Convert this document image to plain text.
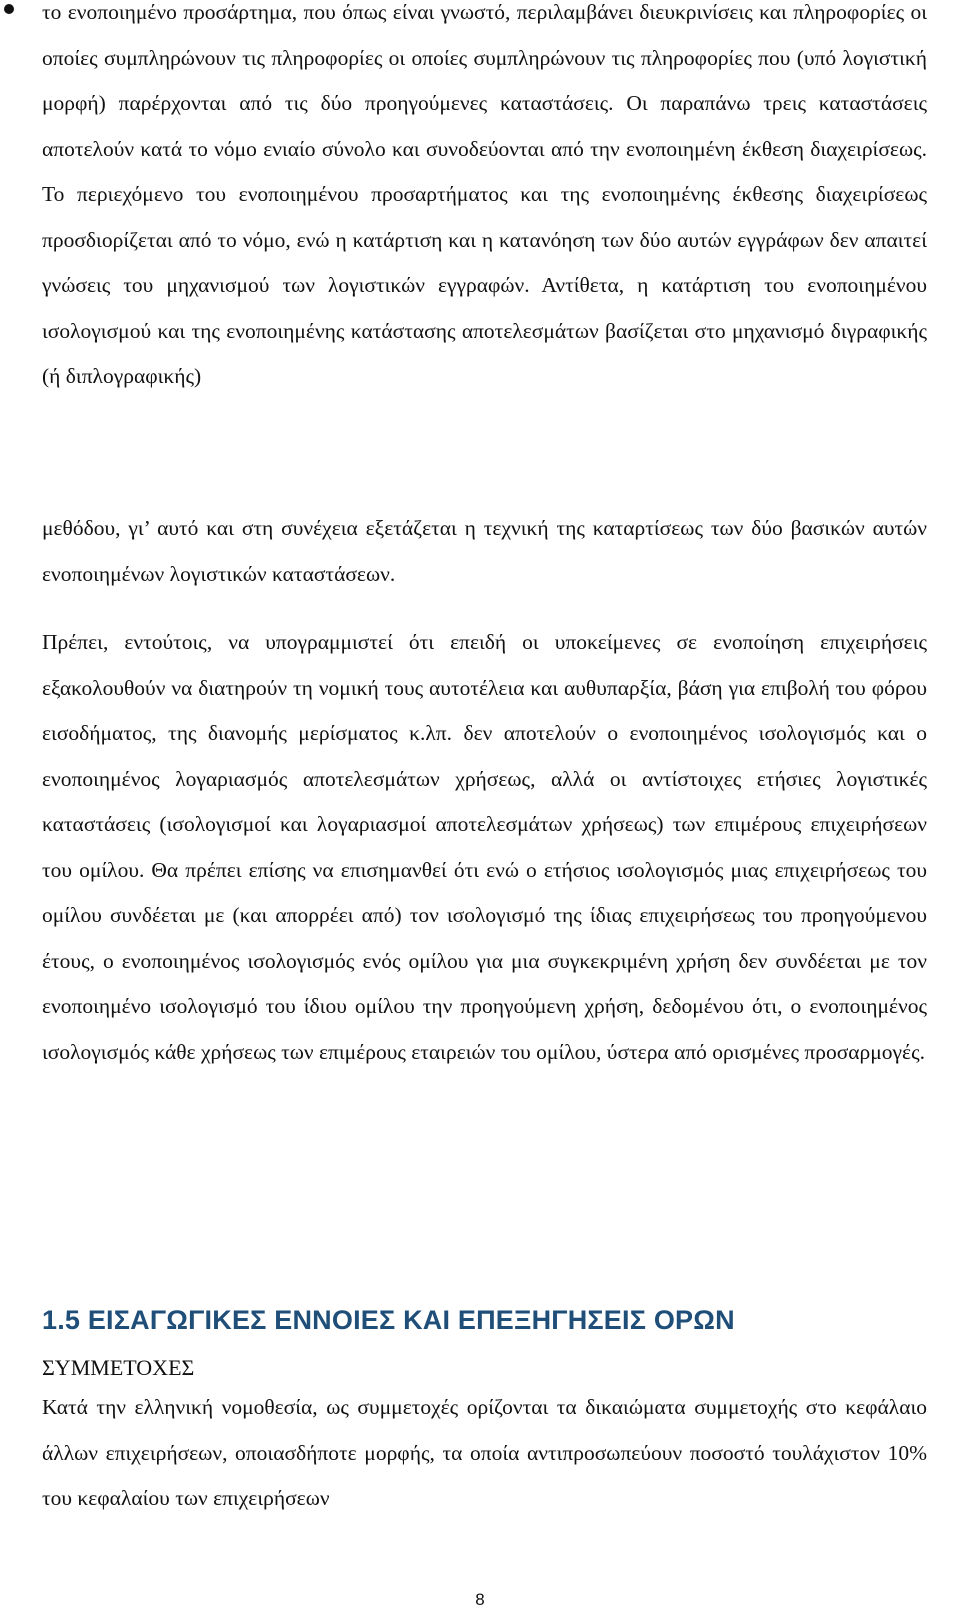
το ενοποιημένο προσάρτημα, που όπως είναι γνωστό, περιλαμβάνει διευκρινίσεις και πληροφορίες οι οποίες συμπληρώνουν τις πληροφορίες οι οποίες συμπληρώνουν τις πληροφορίες που (υπό λογιστική μορφή) παρέρχονται από τις δύο προηγούμενες καταστάσεις. Οι παραπάνω τρεις καταστάσεις αποτελούν κατά το νόμο ενιαίο σύνολο και συνοδεύονται από την ενοποιημένη έκθεση διαχειρίσεως. Το περιεχόμενο του ενοποιημένου προσαρτήματος και της ενοποιημένης έκθεσης διαχειρίσεως προσδιορίζεται από το νόμο, ενώ η κατάρτιση και η κατανόηση των δύο αυτών εγγράφων δεν απαιτεί γνώσεις του μηχανισμού των λογιστικών εγγραφών. Αντίθετα, η κατάρτιση του ενοποιημένου ισολογισμού και της ενοποιημένης κατάστασης αποτελεσμάτων βασίζεται στο μηχανισμό διγραφικής (ή διπλογραφικής)

μεθόδου, γι’ αυτό και στη συνέχεια εξετάζεται η τεχνική της καταρτίσεως των δύο βασικών αυτών ενοποιημένων λογιστικών καταστάσεων.

Πρέπει, εντούτοις, να υπογραμμιστεί ότι επειδή οι υποκείμενες σε ενοποίηση επιχειρήσεις εξακολουθούν να διατηρούν τη νομική τους αυτοτέλεια και αυθυπαρξία, βάση για επιβολή του φόρου εισοδήματος, της διανομής μερίσματος κ.λπ. δεν αποτελούν ο ενοποιημένος ισολογισμός και ο ενοποιημένος λογαριασμός αποτελεσμάτων χρήσεως, αλλά οι αντίστοιχες ετήσιες λογιστικές καταστάσεις (ισολογισμοί και λογαριασμοί αποτελεσμάτων χρήσεως) των επιμέρους επιχειρήσεων του ομίλου. Θα πρέπει επίσης να επισημανθεί ότι ενώ ο ετήσιος ισολογισμός μιας επιχειρήσεως του ομίλου συνδέεται με (και απορρέει από) τον ισολογισμό της ίδιας επιχειρήσεως του προηγούμενου έτους, ο ενοποιημένος ισολογισμός ενός ομίλου για μια συγκεκριμένη χρήση δεν συνδέεται με τον ενοποιημένο ισολογισμό του ίδιου ομίλου την προηγούμενη χρήση, δεδομένου ότι, ο ενοποιημένος ισολογισμός κάθε χρήσεως των επιμέρους εταιρειών του ομίλου, ύστερα από ορισμένες προσαρμογές.

1.5 ΕΙΣΑΓΩΓΙΚΕΣ ΕΝΝΟΙΕΣ ΚΑΙ ΕΠΕΞΗΓΗΣΕΙΣ ΟΡΩΝ

ΣΥΜΜΕΤΟΧΕΣ

Κατά την ελληνική νομοθεσία, ως συμμετοχές ορίζονται τα δικαιώματα συμμετοχής στο κεφάλαιο άλλων επιχειρήσεων, οποιασδήποτε μορφής, τα οποία αντιπροσωπεύουν ποσοστό τουλάχιστον 10% του κεφαλαίου των επιχειρήσεων

8
